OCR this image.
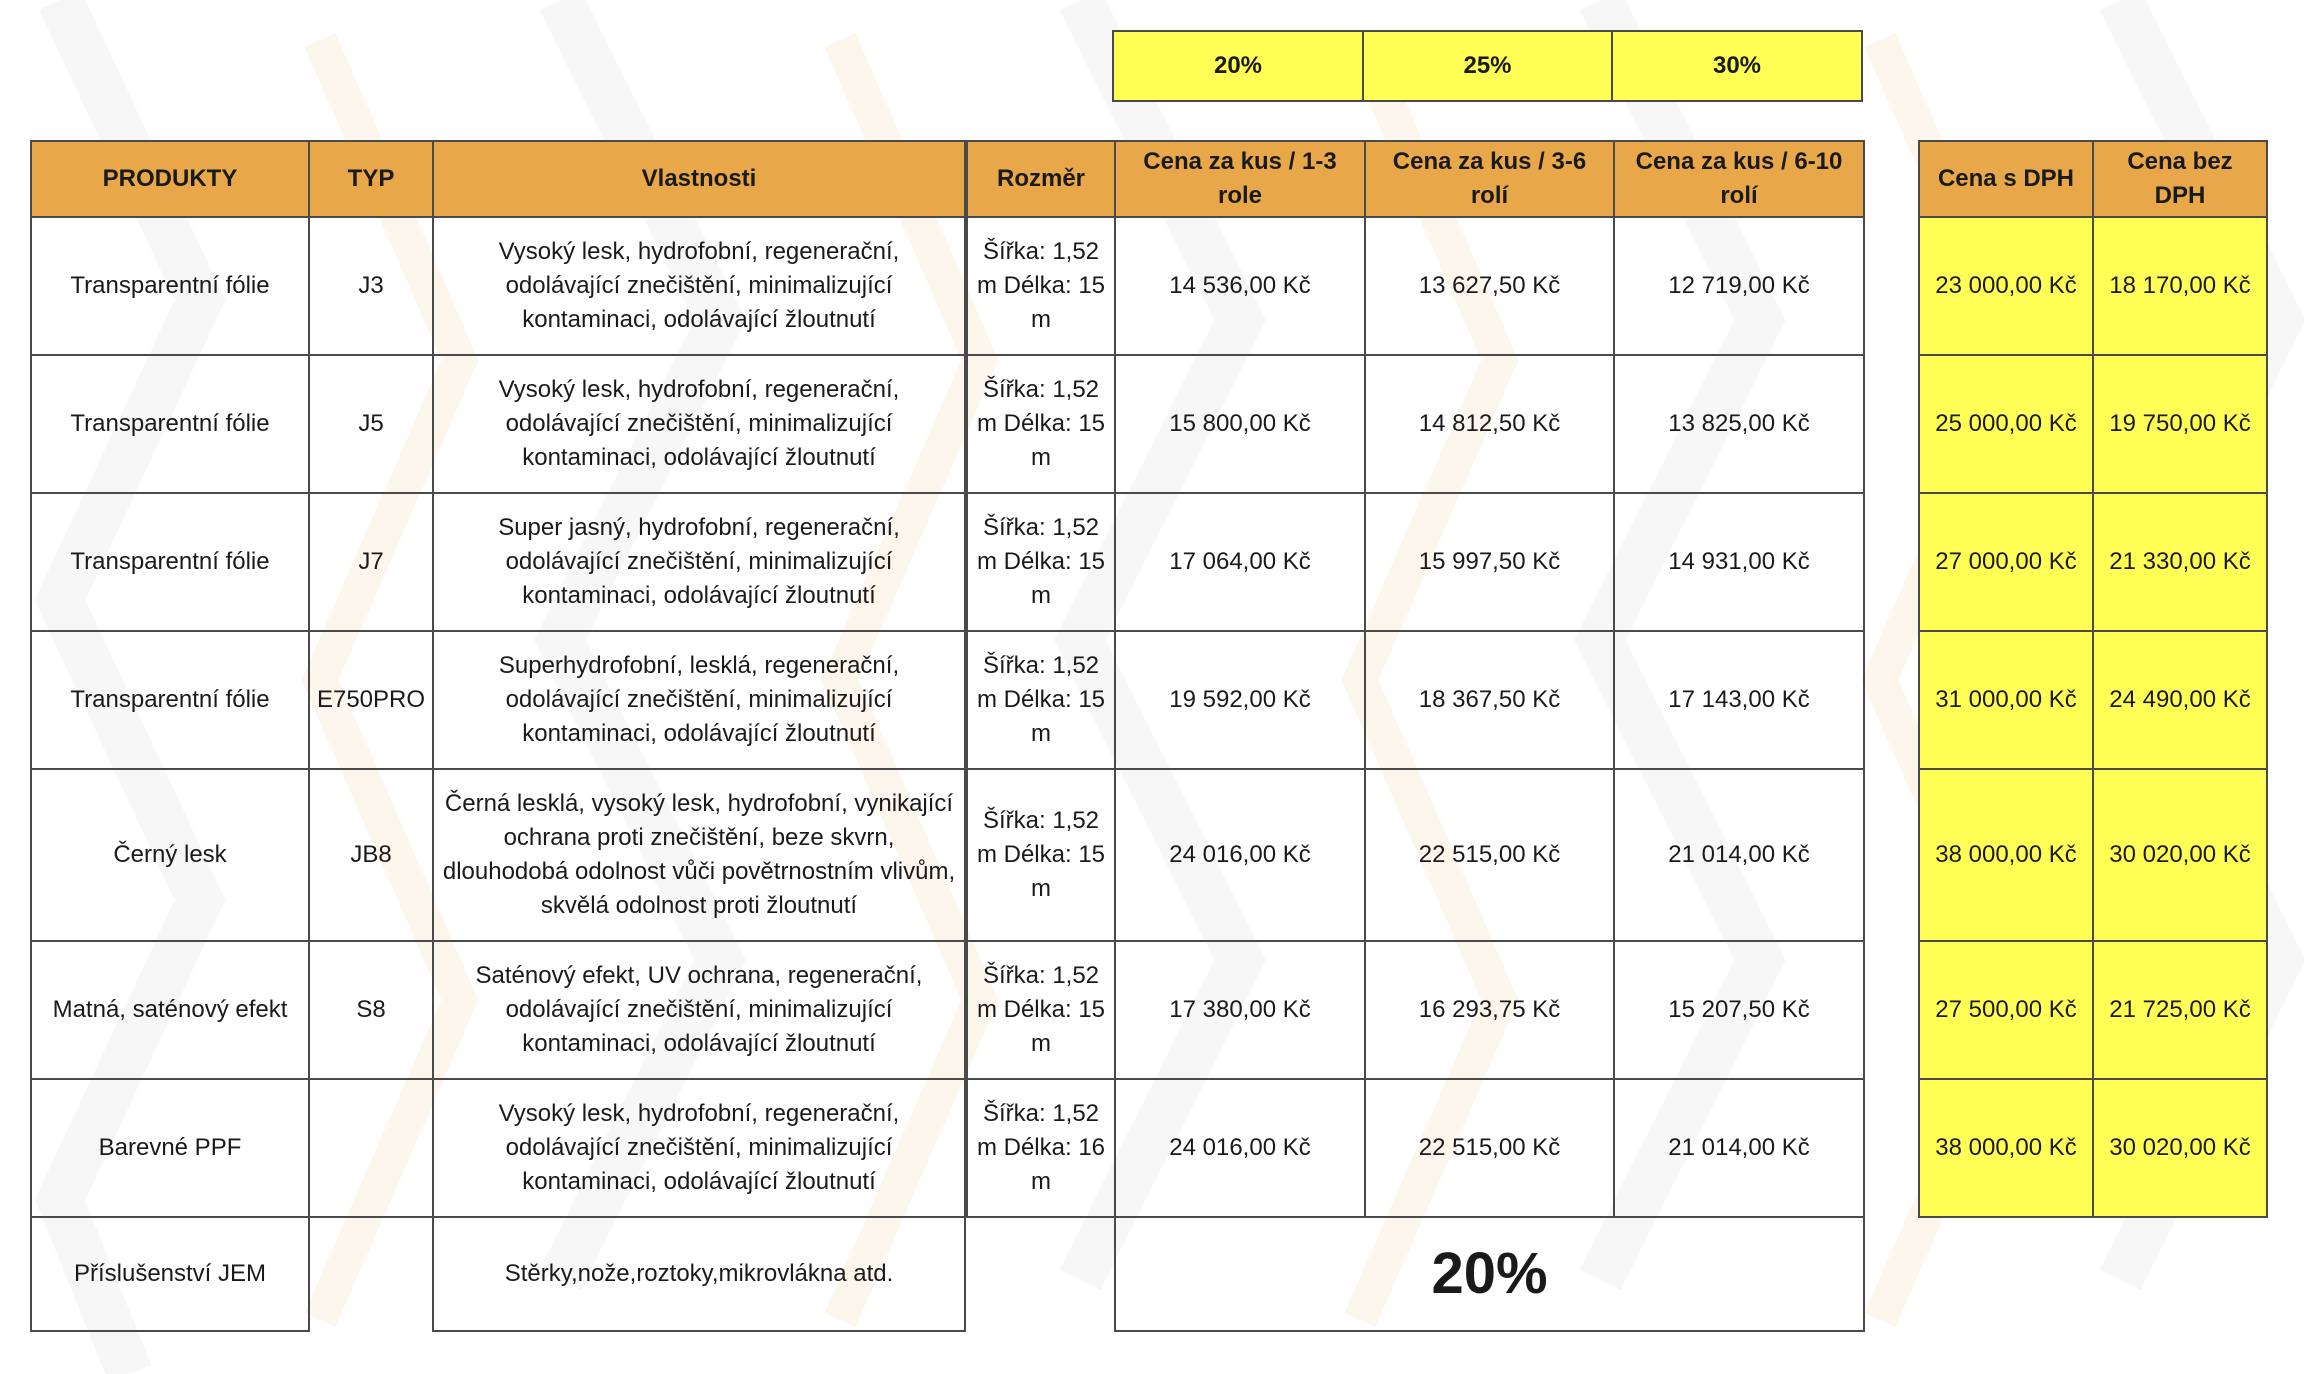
20%	25%	30%
PRODUKTY	TYP	Vlastnosti		Rozměr	Cena za kus / 1-3 role	Cena za kus / 3-6 rolí	Cena za kus / 6-10 rolí
Transparentní fólie	J3	Vysoký lesk, hydrofobní, regenerační, odolávající znečištění, minimalizující kontaminaci, odolávající žloutnutí		Šířka: 1,52 m Délka: 15 m	14 536,00 Kč	13 627,50 Kč	12 719,00 Kč
Transparentní fólie	J5	Vysoký lesk, hydrofobní, regenerační, odolávající znečištění, minimalizující kontaminaci, odolávající žloutnutí		Šířka: 1,52 m Délka: 15 m	15 800,00 Kč	14 812,50 Kč	13 825,00 Kč
Transparentní fólie	J7	Super jasný, hydrofobní, regenerační, odolávající znečištění, minimalizující kontaminaci, odolávající žloutnutí		Šířka: 1,52 m Délka: 15 m	17 064,00 Kč	15 997,50 Kč	14 931,00 Kč
Transparentní fólie	E750PRO	Superhydrofobní, lesklá, regenerační, odolávající znečištění, minimalizující kontaminaci, odolávající žloutnutí		Šířka: 1,52 m Délka: 15 m	19 592,00 Kč	18 367,50 Kč	17 143,00 Kč
Černý lesk	JB8	Černá lesklá, vysoký lesk, hydrofobní, vynikající ochrana proti znečištění, beze skvrn, dlouhodobá odolnost vůči povětrnostním vlivům, skvělá odolnost proti žloutnutí		Šířka: 1,52 m Délka: 15 m	24 016,00 Kč	22 515,00 Kč	21 014,00 Kč
Matná, saténový efekt	S8	Saténový efekt, UV ochrana, regenerační, odolávající znečištění, minimalizující kontaminaci, odolávající žloutnutí		Šířka: 1,52 m Délka: 15 m	17 380,00 Kč	16 293,75 Kč	15 207,50 Kč
Barevné PPF		Vysoký lesk, hydrofobní, regenerační, odolávající znečištění, minimalizující kontaminaci, odolávající žloutnutí		Šířka: 1,52 m Délka: 16 m	24 016,00 Kč	22 515,00 Kč	21 014,00 Kč
Příslušenství JEM		Stěrky,nože,roztoky,mikrovlákna atd.			20%		
Cena s DPH	Cena bez DPH
23 000,00 Kč	18 170,00 Kč
25 000,00 Kč	19 750,00 Kč
27 000,00 Kč	21 330,00 Kč
31 000,00 Kč	24 490,00 Kč
38 000,00 Kč	30 020,00 Kč
27 500,00 Kč	21 725,00 Kč
38 000,00 Kč	30 020,00 Kč
